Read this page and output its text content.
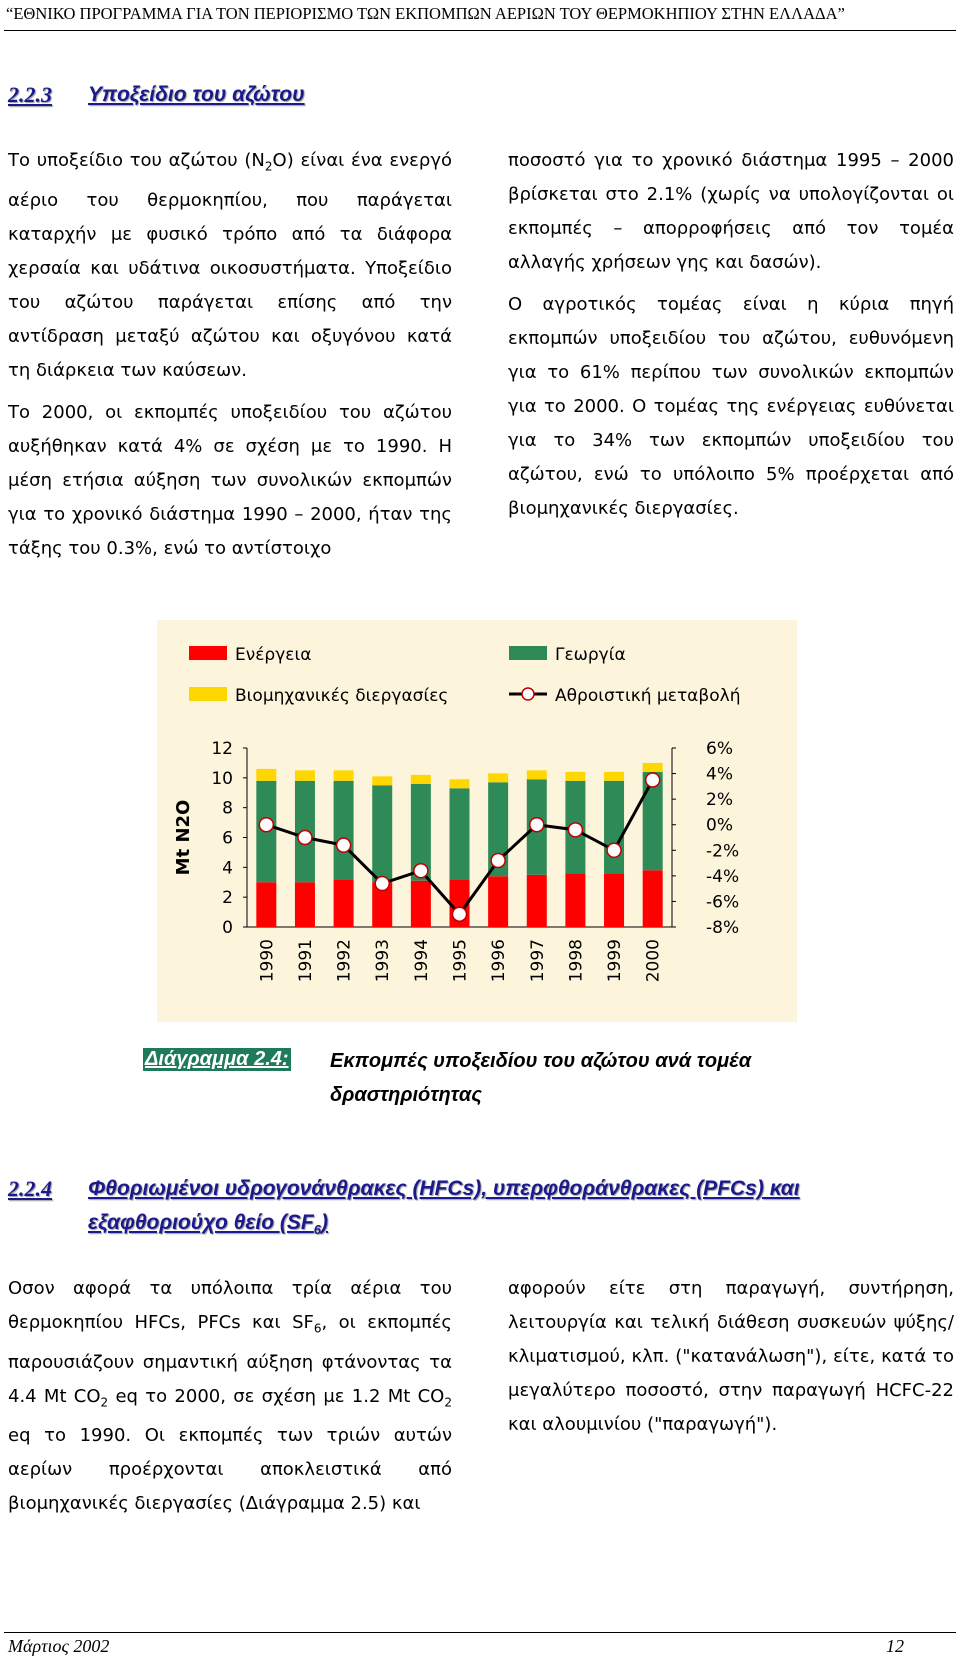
“ΕΘΝΙΚΟ ΠΡΟΓΡΑΜΜΑ ΓΙΑ ΤΟΝ ΠΕΡΙΟΡΙΣΜΟ ΤΩΝ ΕΚΠΟΜΠΩΝ ΑΕΡΙΩΝ ΤΟΥ ΘΕΡΜΟΚΗΠΙΟΥ ΣΤΗΝ ΕΛΛΑΔΑ”
2.2.3 Υποξείδιο του αζώτου

Το υποξείδιο του αζώτου $(N_2O)$ είναι ένα ενεργό αέριο του θερμοκηπίου, που παράγεται καταρχήν με φυσικό τρόπο από τα διάφορα χερσαία και υδάτινα οικοσυστήματα. Υποξείδιο του αζώτου παράγεται επίσης από την αντίδραση μεταξύ αζώτου και οξυγόνου κατά τη διάρκεια των καύσεων.

Το 2000, οι εκπομπές υποξειδίου του αζώτου αυξήθηκαν κατά 4% σε σχέση με το 1990. Η μέση ετήσια αύξηση των συνολικών εκπομπών για το χρονικό διάστημα 1990 – 2000, ήταν της τάξης του 0.3%, ενώ το αντίστοιχο

ποσοστό για το χρονικό διάστημα 1995 – 2000 βρίσκεται στο 2.1% (χωρίς να υπολογίζονται οι εκπομπές – απορροφήσεις από τον τομέα αλλαγής χρήσεων γης και δασών).

Ο αγροτικός τομέας είναι η κύρια πηγή εκπομπών υποξειδίου του αζώτου, ευθυνόμενη για το 61% περίπου των συνολικών εκπομπών για το 2000. Ο τομέας της ενέργειας ευθύνεται για το 34% των εκπομπών υποξειδίου του αζώτου, ενώ το υπόλοιπο 5% προέρχεται από βιομηχανικές διεργασίες.

Ενέργεια	Γεωργία
Βιομηχανικές διεργασίες	Αθροιστική μεταβολή
12
10
8
6
4
2
0
6%
4%
2%
0%
-2%
-4%
-6%
-8%
Mt N2O
1990 1991 1992 1993 1994 1995 1996 1997 1998 1999 2000
Διάγραμμα 2.4: Εκπομπές υποξειδίου του αζώτου ανά τομέα δραστηριότητας
2.2.4 Φθοριωμένοι υδρογονάνθρακες (HFCs), υπερφθοράνθρακες (PFCs) και εξαφθοριούχο θείο $(SF_6)$

Οσον αφορά τα υπόλοιπα τρία αέρια του θερμοκηπίου HFCs, PFCs και $SF_6$, οι εκπομπές παρουσιάζουν σημαντική αύξηση φτάνοντας τα 4.4 Mt $CO_2$ eq το 2000, σε σχέση με 1.2 Mt $CO_2$ eq το 1990. Οι εκπομπές των τριών αυτών αερίων προέρχονται αποκλειστικά από βιομηχανικές διεργασίες (Διάγραμμα 2.5) και

αφορούν είτε στη παραγωγή, συντήρηση, λειτουργία και τελική διάθεση συσκευών ψύξης/κλιματισμού, κλπ. ("κατανάλωση"), είτε, κατά το μεγαλύτερο ποσοστό, στην παραγωγή HCFC-22 και αλουμινίου ("παραγωγή").

Μάρτιος 2002	12
